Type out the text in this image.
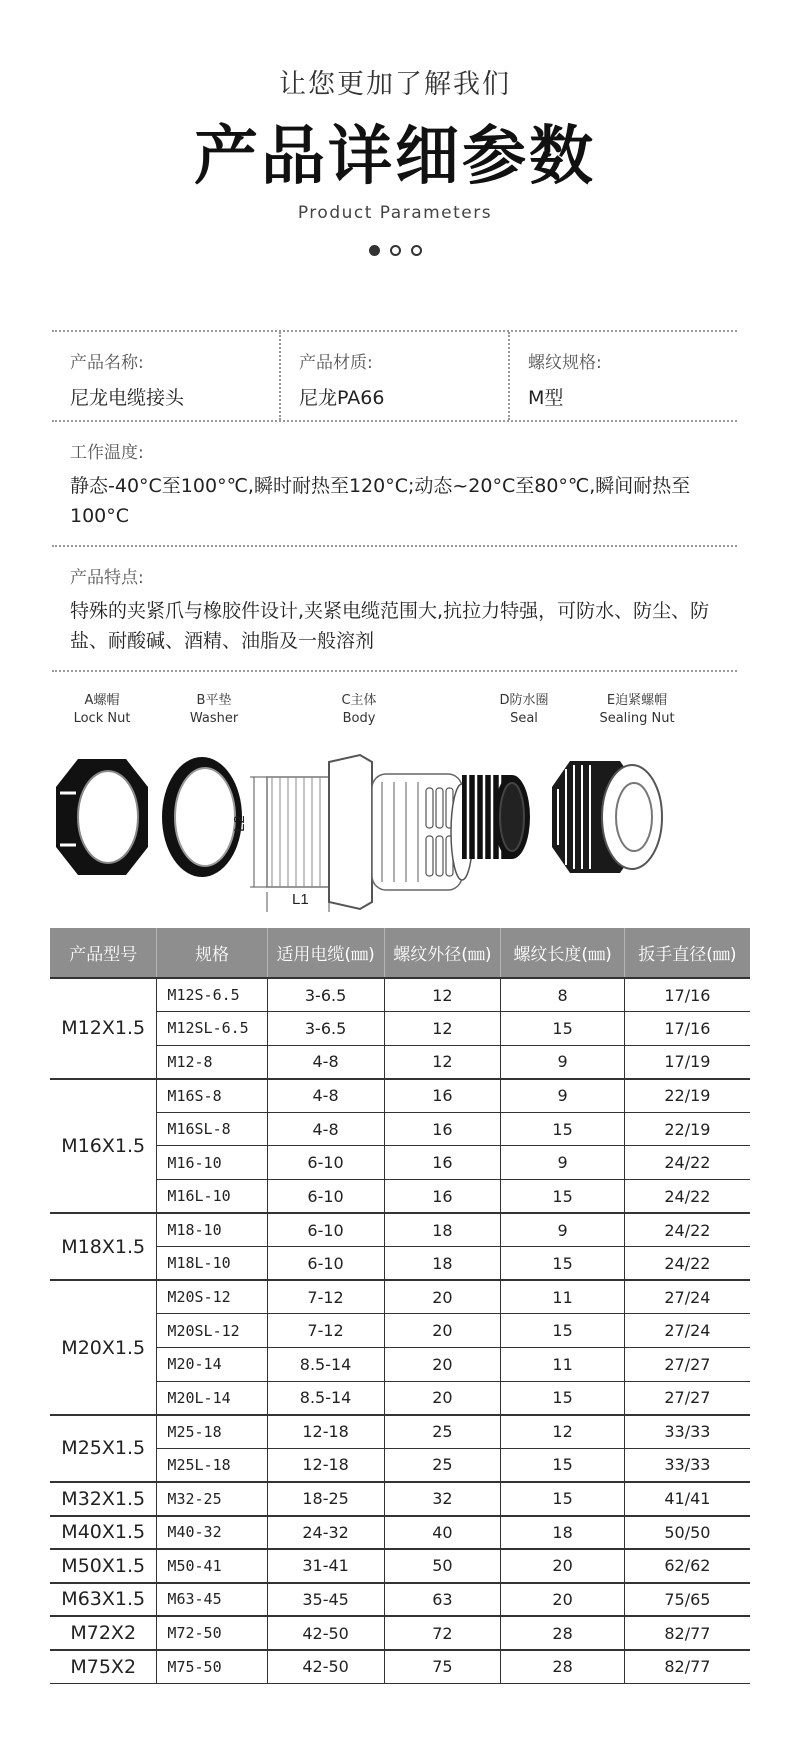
让您更加了解我们
产品详细参数
Product Parameters
产品名称:
尼龙电缆接头
产品材质:
尼龙PA66
螺纹规格:
M型
工作温度:
静态-40°C至100°℃,瞬时耐热至120°C;动态~20°C至80°℃,瞬间耐热至100°C
产品特点:
特殊的夹紧爪与橡胶件设计,夹紧电缆范围大,抗拉力特强，可防水、防尘、防盐、耐酸碱、酒精、油脂及一般溶剂
A螺帽
Lock Nut
B平垫
Washer
C主体
Body
D防水圈
Seal
E迫紧螺帽
Sealing Nut
L2
L1
产品型号	规格	适用电缆(㎜)	螺纹外径(㎜)	螺纹长度(㎜)	扳手直径(㎜)
M12X1.5	M12S-6.5	3-6.5	12	8	17/16
	M12SL-6.5	3-6.5	12	15	17/16
	M12-8	4-8	12	9	17/19
M16X1.5	M16S-8	4-8	16	9	22/19
	M16SL-8	4-8	16	15	22/19
	M16-10	6-10	16	9	24/22
	M16L-10	6-10	16	15	24/22
M18X1.5	M18-10	6-10	18	9	24/22
	M18L-10	6-10	18	15	24/22
M20X1.5	M20S-12	7-12	20	11	27/24
	M20SL-12	7-12	20	15	27/24
	M20-14	8.5-14	20	11	27/27
	M20L-14	8.5-14	20	15	27/27
M25X1.5	M25-18	12-18	25	12	33/33
	M25L-18	12-18	25	15	33/33
M32X1.5	M32-25	18-25	32	15	41/41
M40X1.5	M40-32	24-32	40	18	50/50
M50X1.5	M50-41	31-41	50	20	62/62
M63X1.5	M63-45	35-45	63	20	75/65
M72X2	M72-50	42-50	72	28	82/77
M75X2	M75-50	42-50	75	28	82/77
